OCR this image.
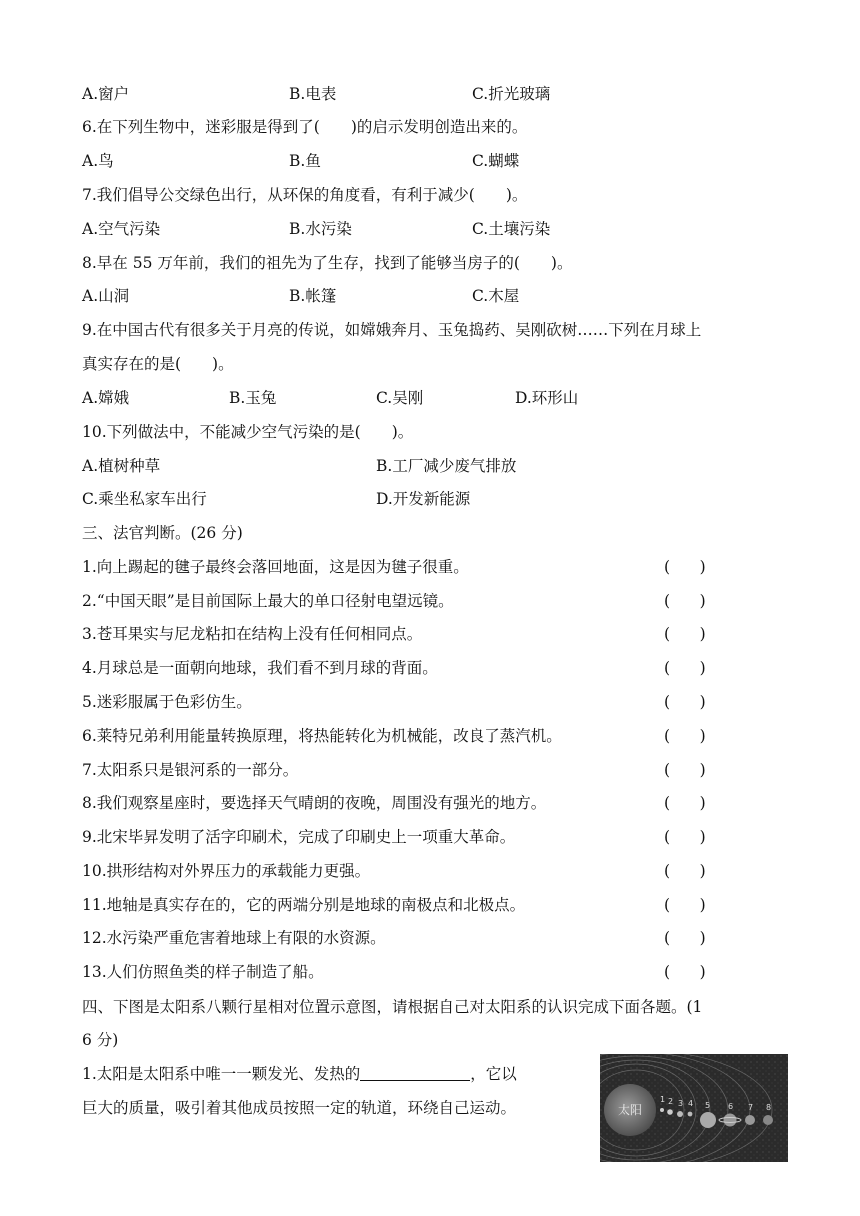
A.窗户	B.电表	C.折光玻璃
6.在下列生物中，迷彩服是得到了(　　)的启示发明创造出来的。
A.鸟	B.鱼	C.蝴蝶
7.我们倡导公交绿色出行，从环保的角度看，有利于减少(　　)。
A.空气污染	B.水污染	C.土壤污染
8.早在 55 万年前，我们的祖先为了生存，找到了能够当房子的(　　)。
A.山洞	B.帐篷	C.木屋
9.在中国古代有很多关于月亮的传说，如嫦娥奔月、玉兔捣药、吴刚砍树……下列在月球上
真实存在的是(　　)。
A.嫦娥	B.玉兔	C.吴刚	D.环形山
10.下列做法中，不能减少空气污染的是(　　)。
A.植树种草	B.工厂减少废气排放
C.乘坐私家车出行	D.开发新能源
三、法官判断。(26 分)
1.向上踢起的毽子最终会落回地面，这是因为毽子很重。	(      )
2.“中国天眼”是目前国际上最大的单口径射电望远镜。	(      )
3.苍耳果实与尼龙粘扣在结构上没有任何相同点。	(      )
4.月球总是一面朝向地球，我们看不到月球的背面。	(      )
5.迷彩服属于色彩仿生。	(      )
6.莱特兄弟利用能量转换原理，将热能转化为机械能，改良了蒸汽机。	(      )
7.太阳系只是银河系的一部分。	(      )
8.我们观察星座时，要选择天气晴朗的夜晚，周围没有强光的地方。	(      )
9.北宋毕昇发明了活字印刷术，完成了印刷史上一项重大革命。	(      )
10.拱形结构对外界压力的承载能力更强。	(      )
11.地轴是真实存在的，它的两端分别是地球的南极点和北极点。	(      )
12.水污染严重危害着地球上有限的水资源。	(      )
13.人们仿照鱼类的样子制造了船。	(      )
四、下图是太阳系八颗行星相对位置示意图，请根据自己对太阳系的认识完成下面各题。(1
6 分)
1.太阳是太阳系中唯一一颗发光、发热的	，它以
巨大的质量，吸引着其他成员按照一定的轨道，环绕自己运动。	太阳
1 2 3 4 5 6 7 8
